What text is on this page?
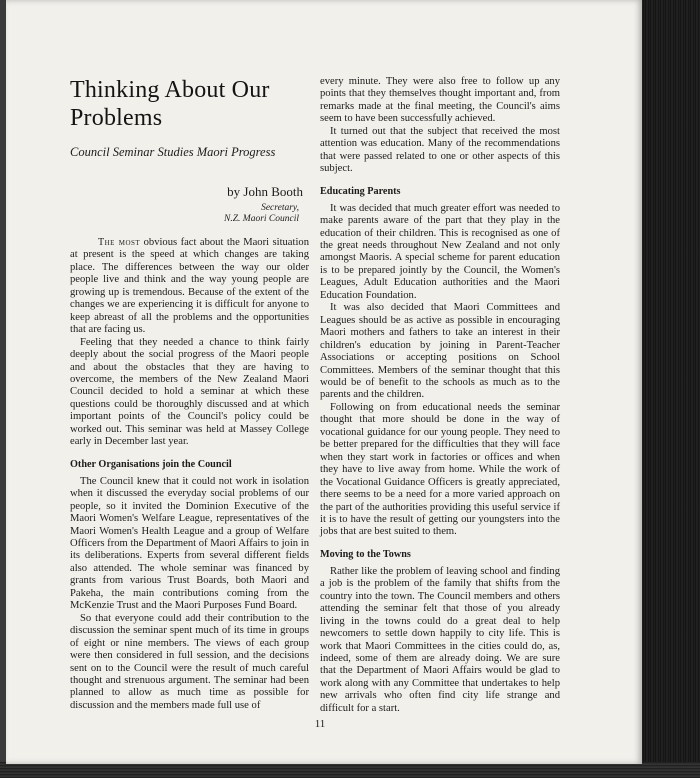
Thinking About Our Problems
Council Seminar Studies Maori Progress
by John Booth
Secretary,
N.Z. Maori Council

The most obvious fact about the Maori situation at present is the speed at which changes are taking place. The differences between the way our older people live and think and the way young people are growing up is tremendous. Because of the extent of the changes we are experiencing it is difficult for anyone to keep abreast of all the problems and the opportunities that are facing us.

Feeling that they needed a chance to think fairly deeply about the social progress of the Maori people and about the obstacles that they are having to overcome, the members of the New Zealand Maori Council decided to hold a seminar at which these questions could be thoroughly discussed and at which important points of the Council's policy could be worked out. This seminar was held at Massey College early in December last year.

Other Organisations join the Council

The Council knew that it could not work in isolation when it discussed the everyday social problems of our people, so it invited the Dominion Executive of the Maori Women's Welfare League, representatives of the Maori Women's Health League and a group of Welfare Officers from the Department of Maori Affairs to join in its deliberations. Experts from several different fields also attended. The whole seminar was financed by grants from various Trust Boards, both Maori and Pakeha, the main contributions coming from the McKenzie Trust and the Maori Purposes Fund Board.

So that everyone could add their contribution to the discussion the seminar spent much of its time in groups of eight or nine members. The views of each group were then considered in full session, and the decisions sent on to the Council were the result of much careful thought and strenuous argument. The seminar had been planned to allow as much time as possible for discussion and the members made full use of

every minute. They were also free to follow up any points that they themselves thought important and, from remarks made at the final meeting, the Council's aims seem to have been successfully achieved.

It turned out that the subject that received the most attention was education. Many of the recommendations that were passed related to one or other aspects of this subject.

Educating Parents

It was decided that much greater effort was needed to make parents aware of the part that they play in the education of their children. This is recognised as one of the great needs throughout New Zealand and not only amongst Maoris. A special scheme for parent education is to be prepared jointly by the Council, the Women's Leagues, Adult Education authorities and the Maori Education Foundation.

It was also decided that Maori Committees and Leagues should be as active as possible in encouraging Maori mothers and fathers to take an interest in their children's education by joining in Parent-Teacher Associations or accepting positions on School Committees. Members of the seminar thought that this would be of benefit to the schools as much as to the parents and the children.

Following on from educational needs the seminar thought that more should be done in the way of vocational guidance for our young people. They need to be better prepared for the difficulties that they will face when they start work in factories or offices and when they have to live away from home. While the work of the Vocational Guidance Officers is greatly appreciated, there seems to be a need for a more varied approach on the part of the authorities providing this useful service if it is to have the result of getting our youngsters into the jobs that are best suited to them.

Moving to the Towns

Rather like the problem of leaving school and finding a job is the problem of the family that shifts from the country into the town. The Council members and others attending the seminar felt that those of you already living in the towns could do a great deal to help newcomers to settle down happily to city life. This is work that Maori Committees in the cities could do, as, indeed, some of them are already doing. We are sure that the Department of Maori Affairs would be glad to work along with any Committee that undertakes to help new arrivals who often find city life strange and difficult for a start.

11
